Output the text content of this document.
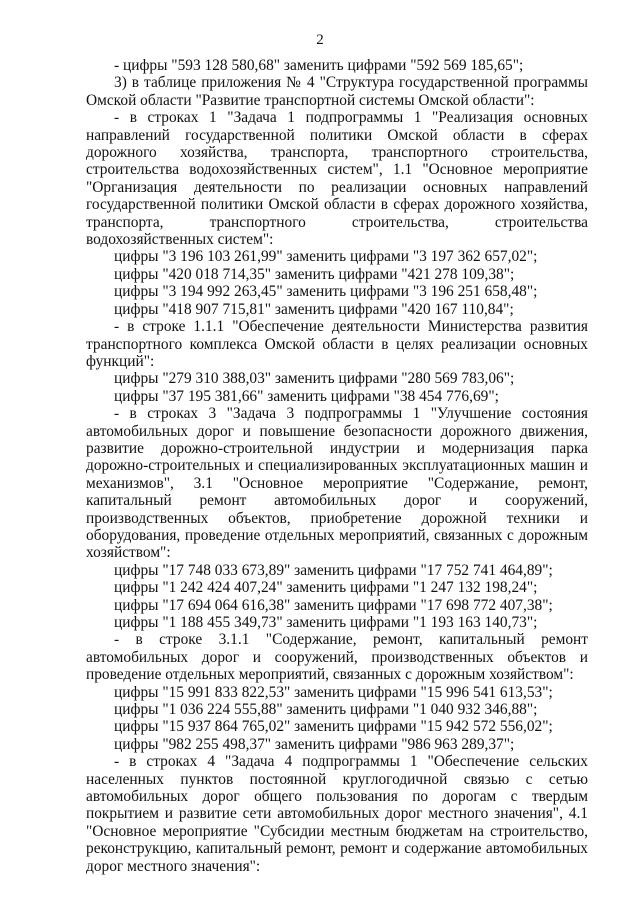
2

- цифры "593 128 580,68" заменить цифрами "592 569 185,65";

3) в таблице приложения № 4 "Структура государственной программы Омской области "Развитие транспортной системы Омской области":

- в строках 1 "Задача 1 подпрограммы 1 "Реализация основных направлений государственной политики Омской области в сферах дорожного хозяйства, транспорта, транспортного строительства, строительства водохозяйственных систем", 1.1 "Основное мероприятие "Организация деятельности по реализации основных направлений государственной политики Омской области в сферах дорожного хозяйства, транспорта, транспортного строительства, строительства водохозяйственных систем":

цифры "3 196 103 261,99" заменить цифрами "3 197 362 657,02";

цифры "420 018 714,35" заменить цифрами "421 278 109,38";

цифры "3 194 992 263,45" заменить цифрами "3 196 251 658,48";

цифры "418 907 715,81" заменить цифрами "420 167 110,84";

- в строке 1.1.1 "Обеспечение деятельности Министерства развития транспортного комплекса Омской области в целях реализации основных функций":

цифры "279 310 388,03" заменить цифрами "280 569 783,06";

цифры "37 195 381,66" заменить цифрами "38 454 776,69";

- в строках 3 "Задача 3 подпрограммы 1 "Улучшение состояния автомобильных дорог и повышение безопасности дорожного движения, развитие дорожно-строительной индустрии и модернизация парка дорожно-строительных и специализированных эксплуатационных машин и механизмов", 3.1 "Основное мероприятие "Содержание, ремонт, капитальный ремонт автомобильных дорог и сооружений, производственных объектов, приобретение дорожной техники и оборудования, проведение отдельных мероприятий, связанных с дорожным хозяйством":

цифры "17 748 033 673,89" заменить цифрами "17 752 741 464,89";

цифры "1 242 424 407,24" заменить цифрами "1 247 132 198,24";

цифры "17 694 064 616,38" заменить цифрами "17 698 772 407,38";

цифры "1 188 455 349,73" заменить цифрами "1 193 163 140,73";

- в строке 3.1.1 "Содержание, ремонт, капитальный ремонт автомобильных дорог и сооружений, производственных объектов и проведение отдельных мероприятий, связанных с дорожным хозяйством":

цифры "15 991 833 822,53" заменить цифрами "15 996 541 613,53";

цифры "1 036 224 555,88" заменить цифрами "1 040 932 346,88";

цифры "15 937 864 765,02" заменить цифрами "15 942 572 556,02";

цифры "982 255 498,37" заменить цифрами "986 963 289,37";

- в строках 4 "Задача 4 подпрограммы 1 "Обеспечение сельских населенных пунктов постоянной круглогодичной связью с сетью автомобильных дорог общего пользования по дорогам с твердым покрытием и развитие сети автомобильных дорог местного значения", 4.1 "Основное мероприятие "Субсидии местным бюджетам на строительство, реконструкцию, капитальный ремонт, ремонт и содержание автомобильных дорог местного значения":
